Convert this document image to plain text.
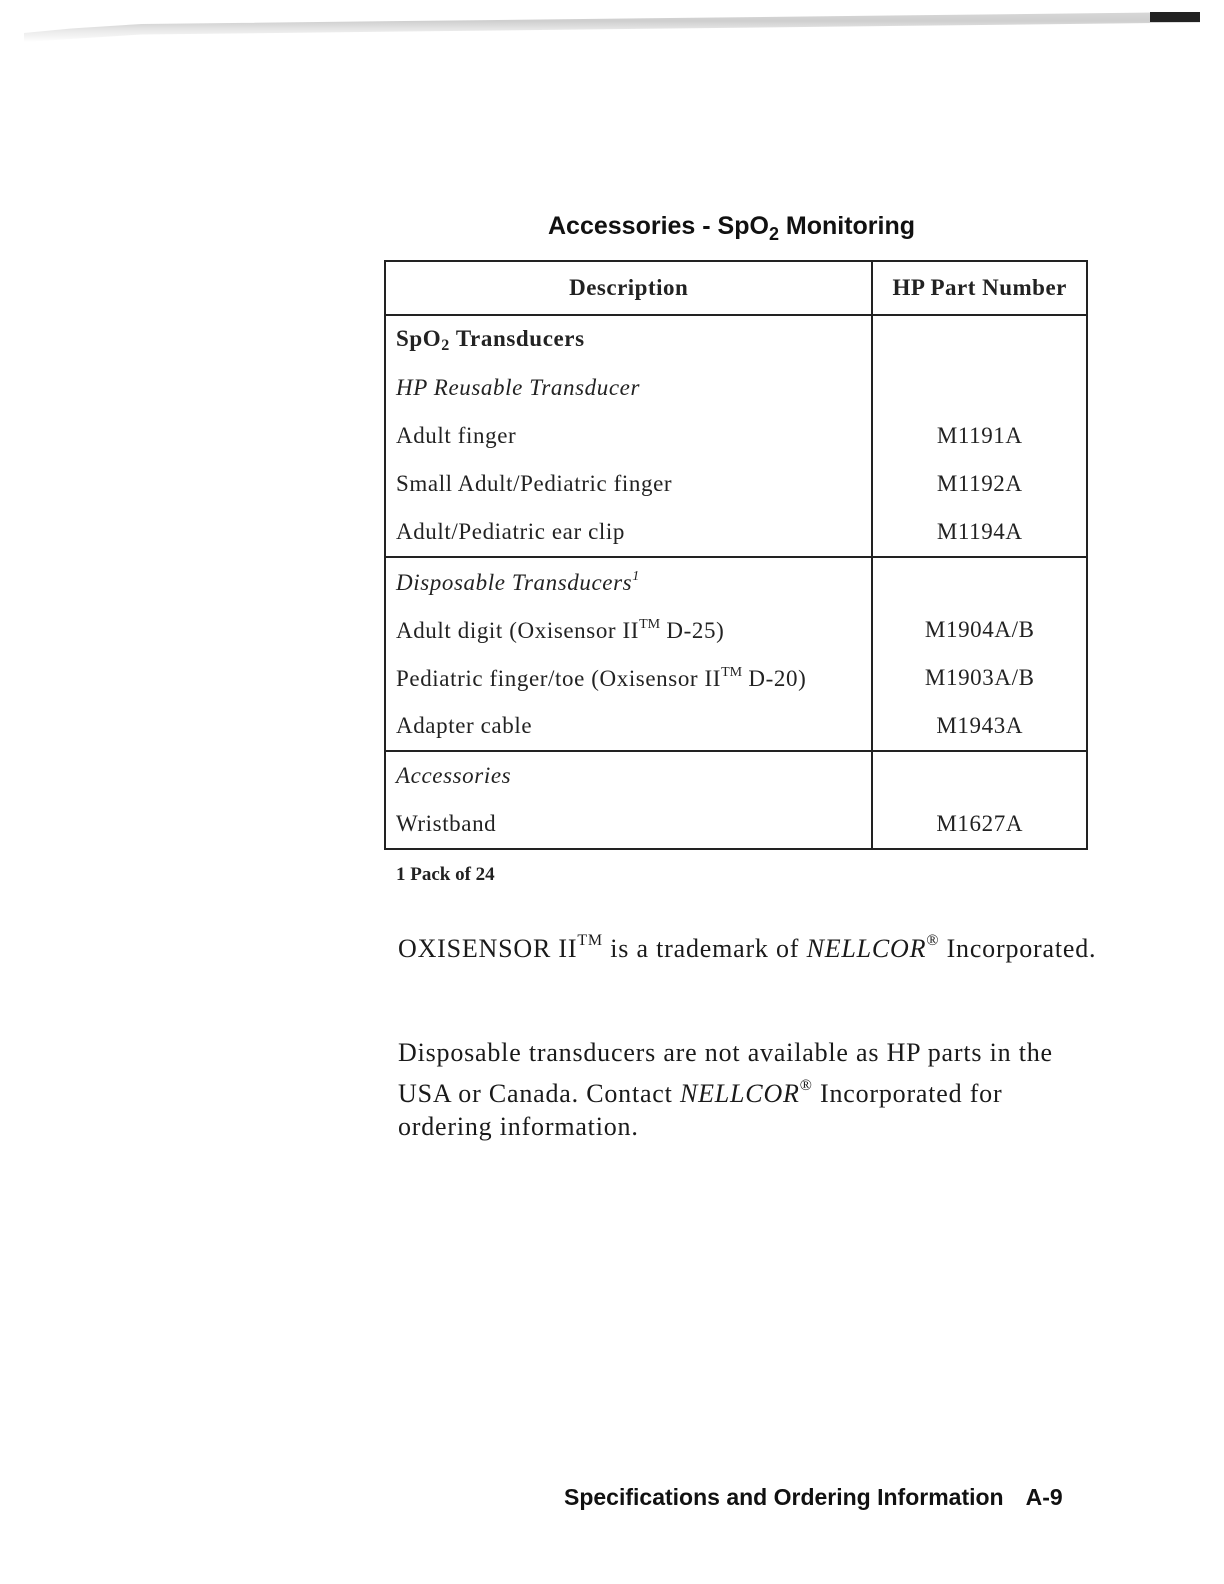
Accessories - SpO$_2$ Monitoring
Description	HP Part Number
SpO$_2$ Transducers	
HP Reusable Transducer	
Adult finger	M1191A
Small Adult/Pediatric finger	M1192A
Adult/Pediatric ear clip	M1194A
Disposable Transducers$^1$	
Adult digit (Oxisensor II™ D-25)	M1904A/B
Pediatric finger/toe (Oxisensor II™ D-20)	M1903A/B
Adapter cable	M1943A
Accessories	
Wristband	M1627A
1 Pack of 24
OXISENSOR II™ is a trademark of NELLCOR® Incorporated.
Disposable transducers are not available as HP parts in the USA or Canada. Contact NELLCOR® Incorporated for ordering information.
Specifications and Ordering Information A-9
